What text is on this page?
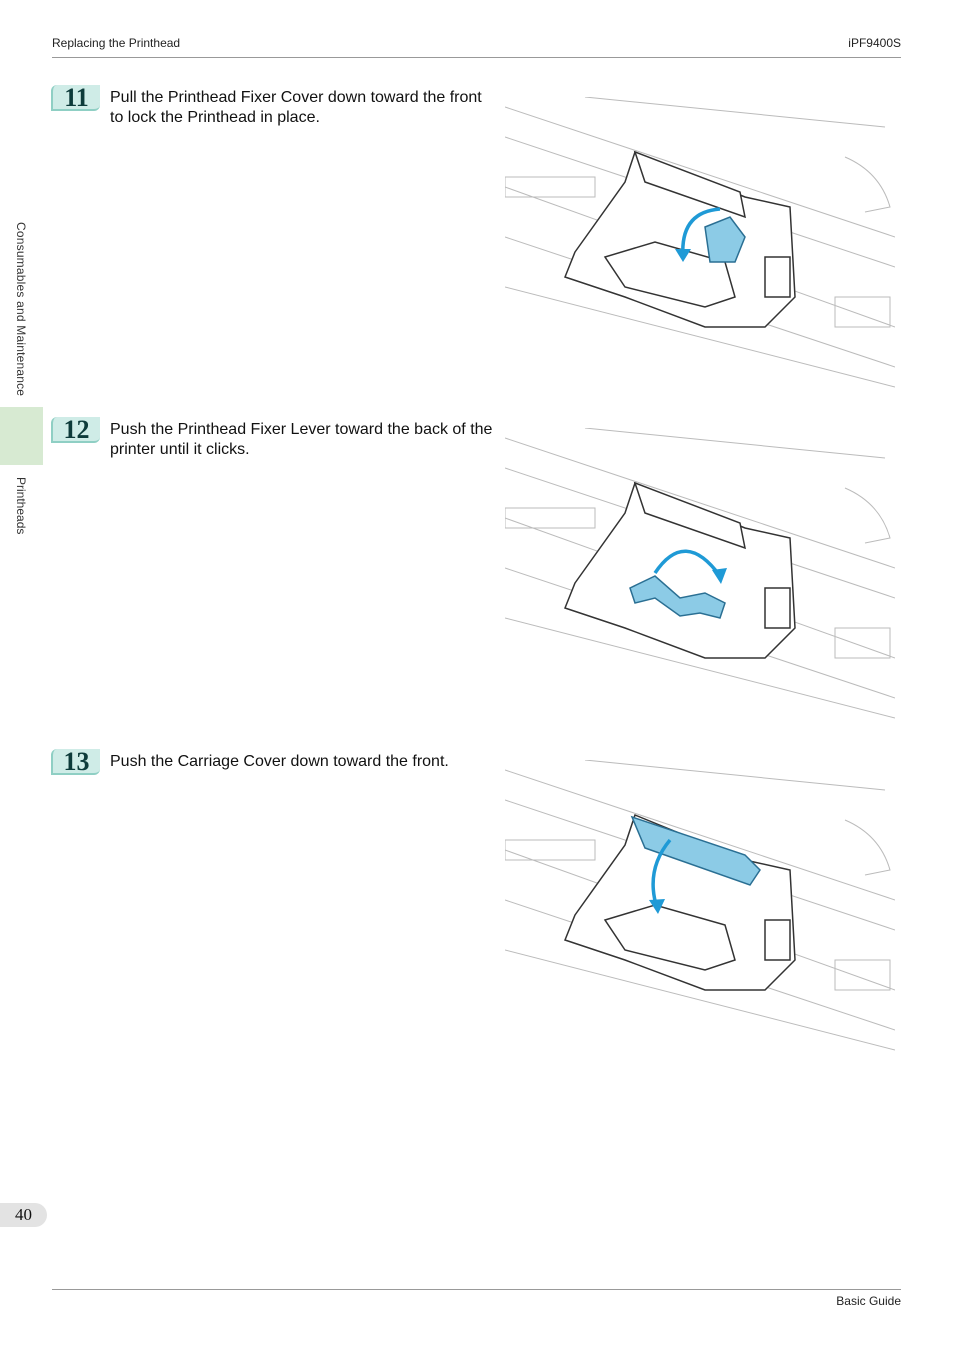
Replacing the Printhead	iPF9400S
Consumables and Maintenance
Printheads
11	Pull the Printhead Fixer Cover down toward the front to lock the Printhead in place.
12	Push the Printhead Fixer Lever toward the back of the printer until it clicks.
13	Push the Carriage Cover down toward the front.
40
Basic Guide
